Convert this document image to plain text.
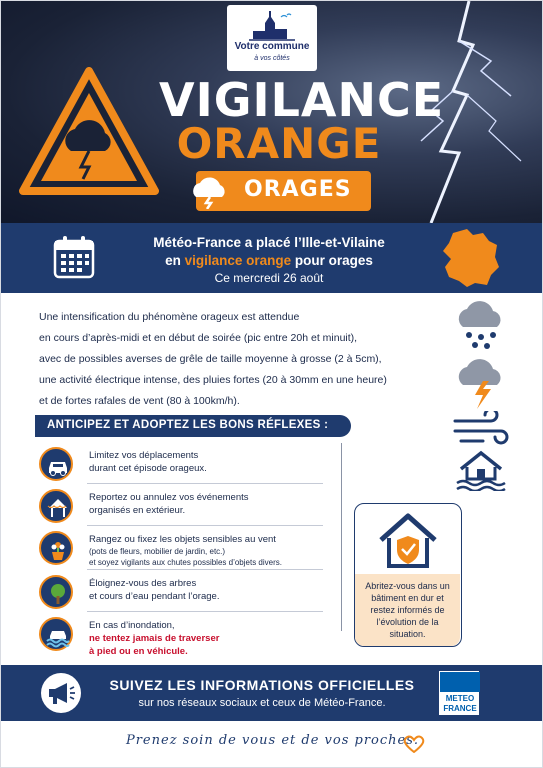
Votre commune
à vos côtés
VIGILANCE
ORANGE
ORAGES
Météo-France a placé l’Ille-et-Vilaine
en vigilance orange pour orages
Ce mercredi 26 août
Une intensification du phénomène orageux est attendue
en cours d’après-midi et en début de soirée (pic entre 20h et minuit),
avec de possibles averses de grêle de taille moyenne à grosse (2 à 5cm),
une activité électrique intense, des pluies fortes (20 à 30mm en une heure)
et de fortes rafales de vent (80 à 100km/h).
ANTICIPEZ ET ADOPTEZ LES BONS RÉFLEXES :
Limitez vos déplacements
durant cet épisode orageux.
Reportez ou annulez vos événements
organisés en extérieur.
Rangez ou fixez les objets sensibles au vent
(pots de fleurs, mobilier de jardin, etc.)
et soyez vigilants aux chutes possibles d’objets divers.
Éloignez-vous des arbres
et cours d’eau pendant l’orage.
En cas d’inondation,
ne tentez jamais de traverser
à pied ou en véhicule.
Abritez-vous dans un bâtiment en dur et restez informés de l’évolution de la situation.
SUIVEZ LES INFORMATIONS OFFICIELLES
sur nos réseaux sociaux et ceux de Météo-France.	METEO
FRANCE
Prenez soin de vous et de vos proches.
